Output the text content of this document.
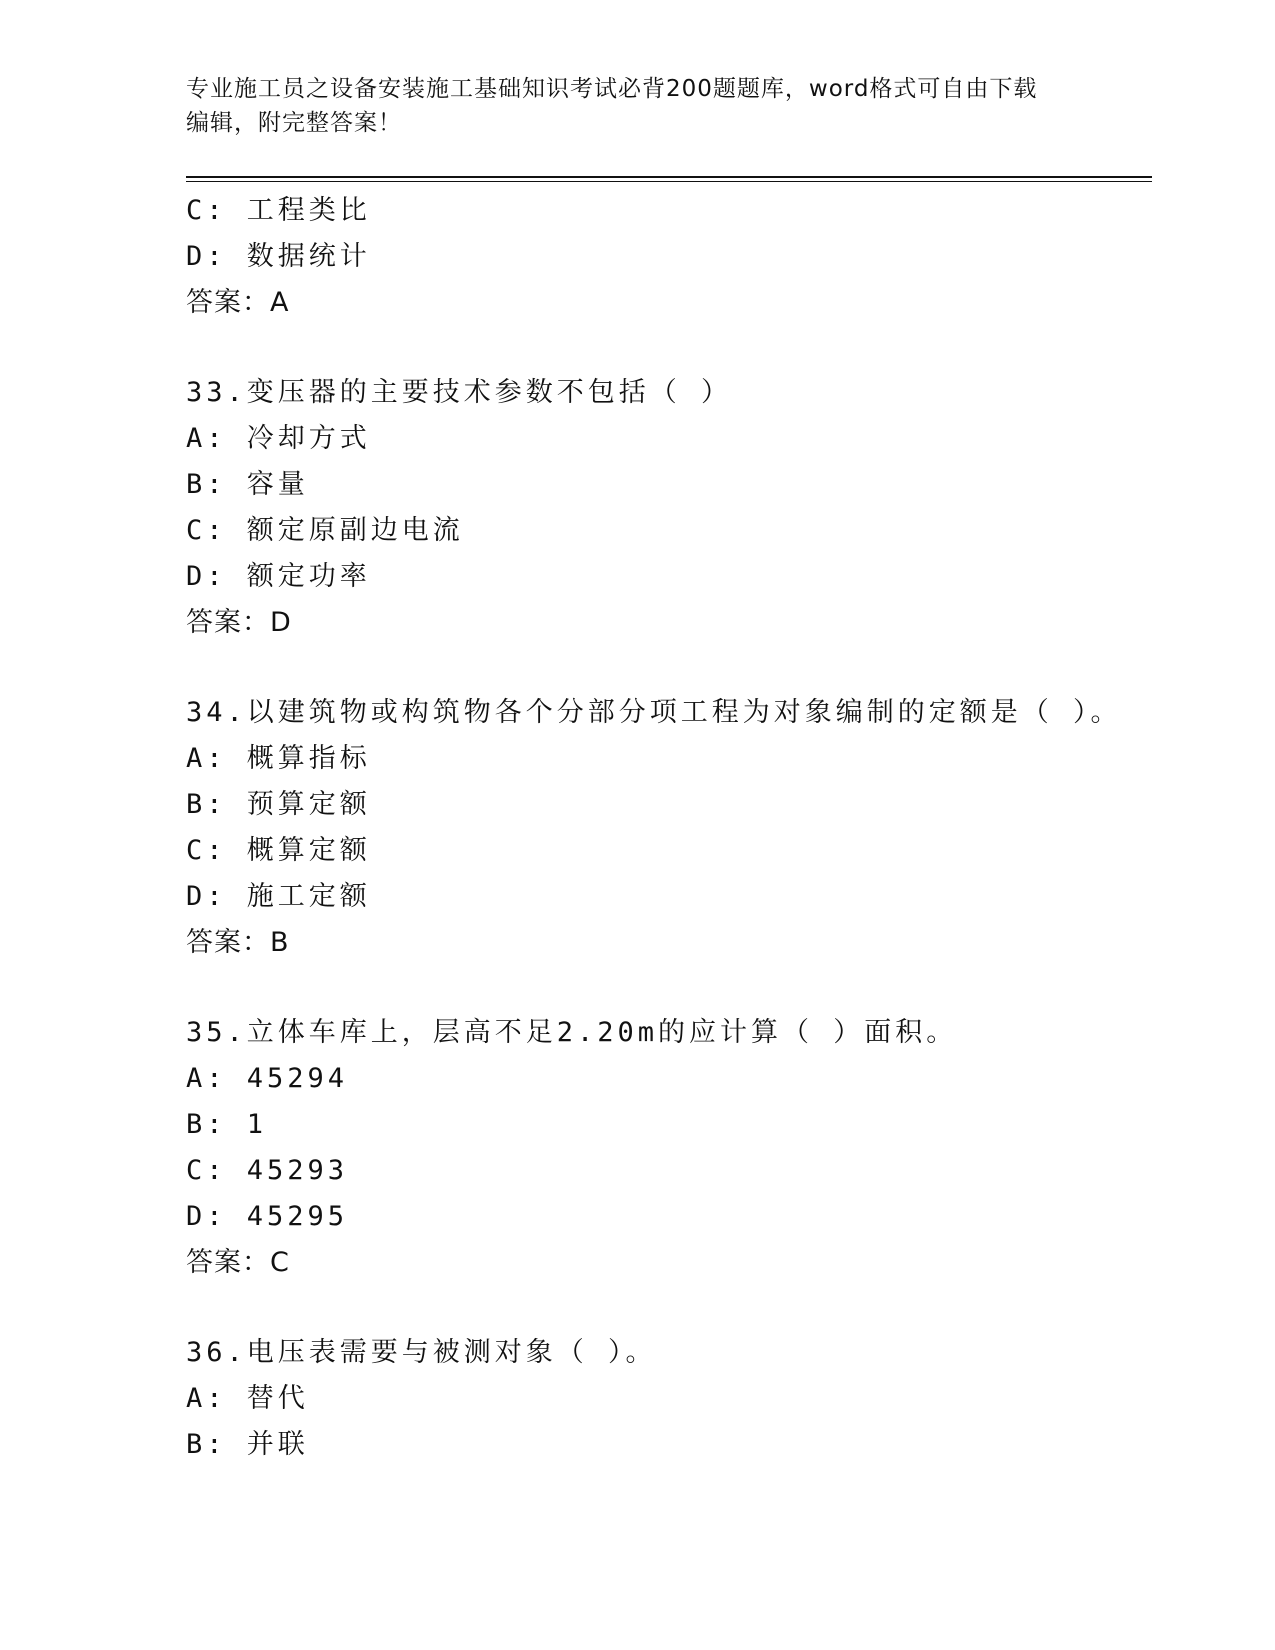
专业施工员之设备安装施工基础知识考试必背200题题库，word格式可自由下载
编辑，附完整答案！
C: 工程类比
D: 数据统计
答案：A
33.变压器的主要技术参数不包括（ ）
A: 冷却方式
B: 容量
C: 额定原副边电流
D: 额定功率
答案：D
34.以建筑物或构筑物各个分部分项工程为对象编制的定额是（ ）。
A: 概算指标
B: 预算定额
C: 概算定额
D: 施工定额
答案：B
35.立体车库上，层高不足2.20m的应计算（ ）面积。
A: 45294
B: 1
C: 45293
D: 45295
答案：C
36.电压表需要与被测对象（ ）。
A: 替代
B: 并联
